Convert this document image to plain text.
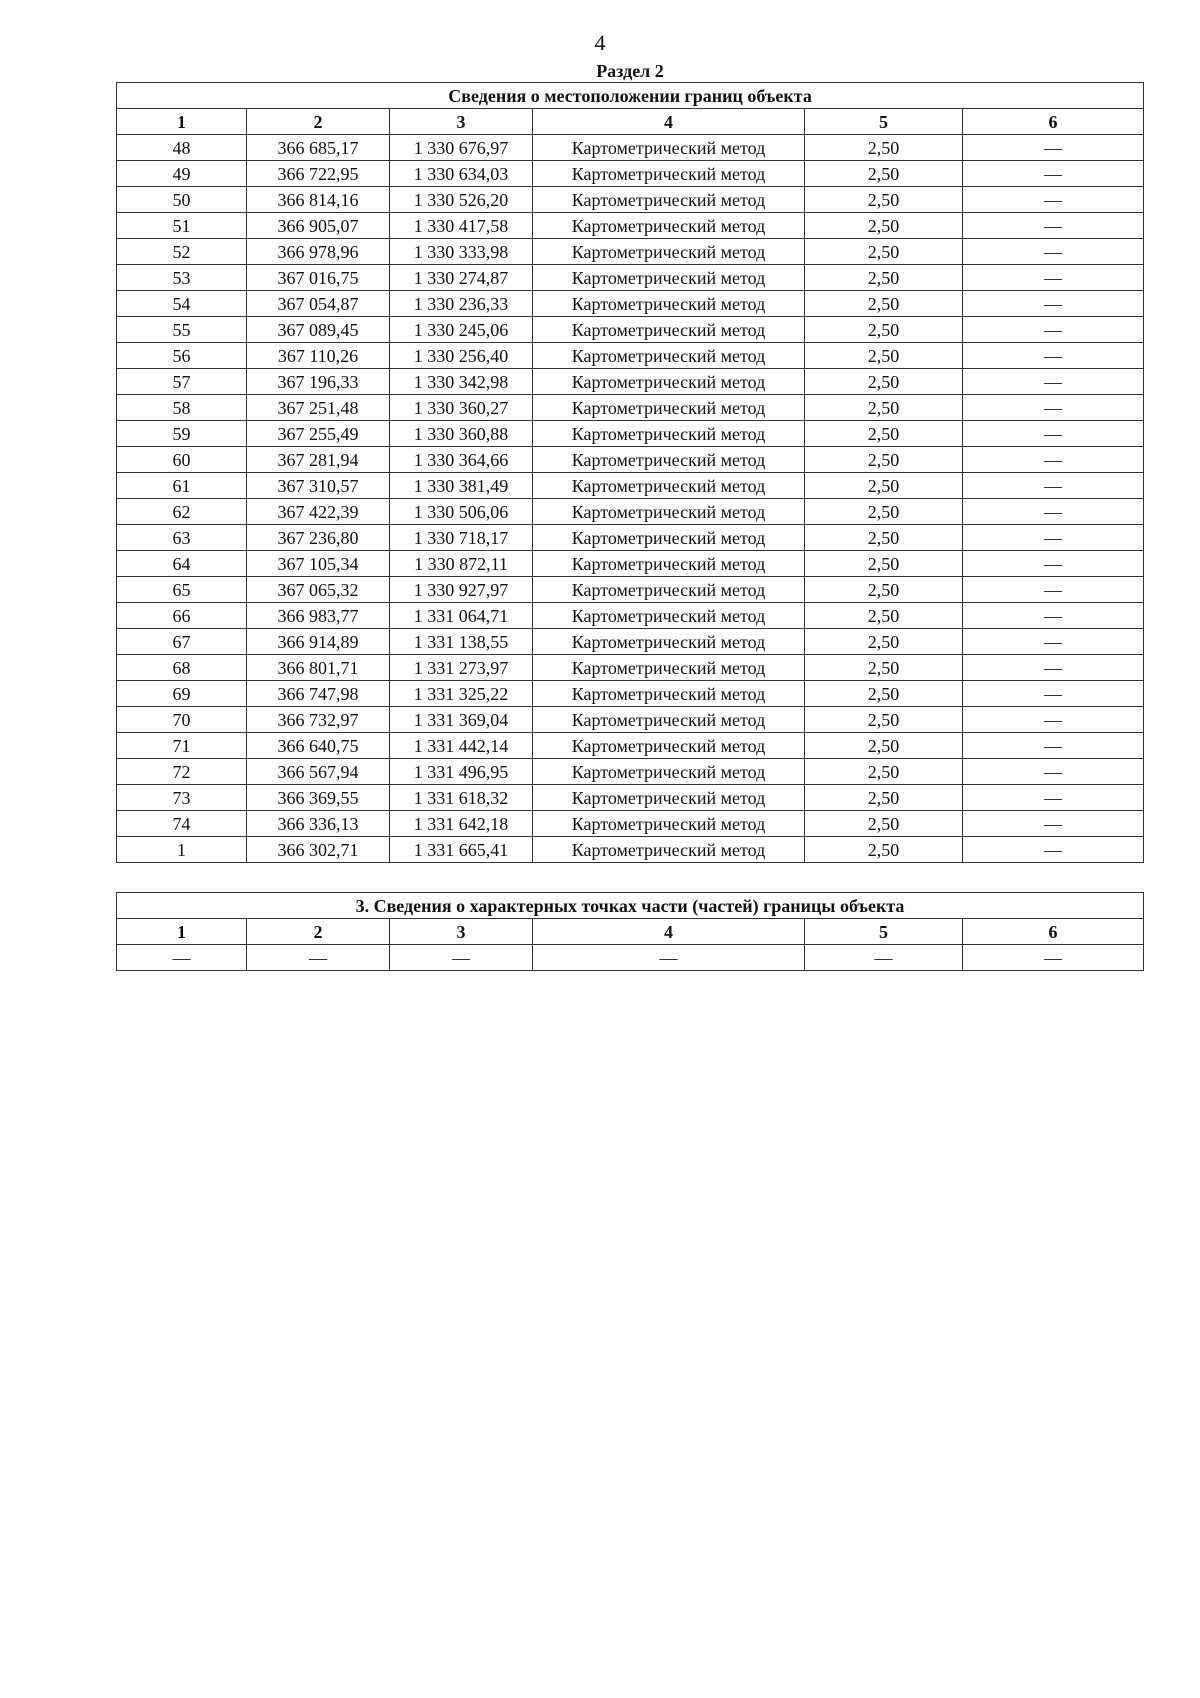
4
Сведения о местоположении границ объекта					
1	2	3	4	5	6
48	366 685,17	1 330 676,97	Картометрический метод	2,50	—
49	366 722,95	1 330 634,03	Картометрический метод	2,50	—
50	366 814,16	1 330 526,20	Картометрический метод	2,50	—
51	366 905,07	1 330 417,58	Картометрический метод	2,50	—
52	366 978,96	1 330 333,98	Картометрический метод	2,50	—
53	367 016,75	1 330 274,87	Картометрический метод	2,50	—
54	367 054,87	1 330 236,33	Картометрический метод	2,50	—
55	367 089,45	1 330 245,06	Картометрический метод	2,50	—
56	367 110,26	1 330 256,40	Картометрический метод	2,50	—
57	367 196,33	1 330 342,98	Картометрический метод	2,50	—
58	367 251,48	1 330 360,27	Картометрический метод	2,50	—
59	367 255,49	1 330 360,88	Картометрический метод	2,50	—
60	367 281,94	1 330 364,66	Картометрический метод	2,50	—
61	367 310,57	1 330 381,49	Картометрический метод	2,50	—
62	367 422,39	1 330 506,06	Картометрический метод	2,50	—
63	367 236,80	1 330 718,17	Картометрический метод	2,50	—
64	367 105,34	1 330 872,11	Картометрический метод	2,50	—
65	367 065,32	1 330 927,97	Картометрический метод	2,50	—
66	366 983,77	1 331 064,71	Картометрический метод	2,50	—
67	366 914,89	1 331 138,55	Картометрический метод	2,50	—
68	366 801,71	1 331 273,97	Картометрический метод	2,50	—
69	366 747,98	1 331 325,22	Картометрический метод	2,50	—
70	366 732,97	1 331 369,04	Картометрический метод	2,50	—
71	366 640,75	1 331 442,14	Картометрический метод	2,50	—
72	366 567,94	1 331 496,95	Картометрический метод	2,50	—
73	366 369,55	1 331 618,32	Картометрический метод	2,50	—
74	366 336,13	1 331 642,18	Картометрический метод	2,50	—
1	366 302,71	1 331 665,41	Картометрический метод	2,50	—
Раздел 2
3. Сведения о характерных точках части (частей) границы объекта					
1	2	3	4	5	6
—	—	—	—	—	—
